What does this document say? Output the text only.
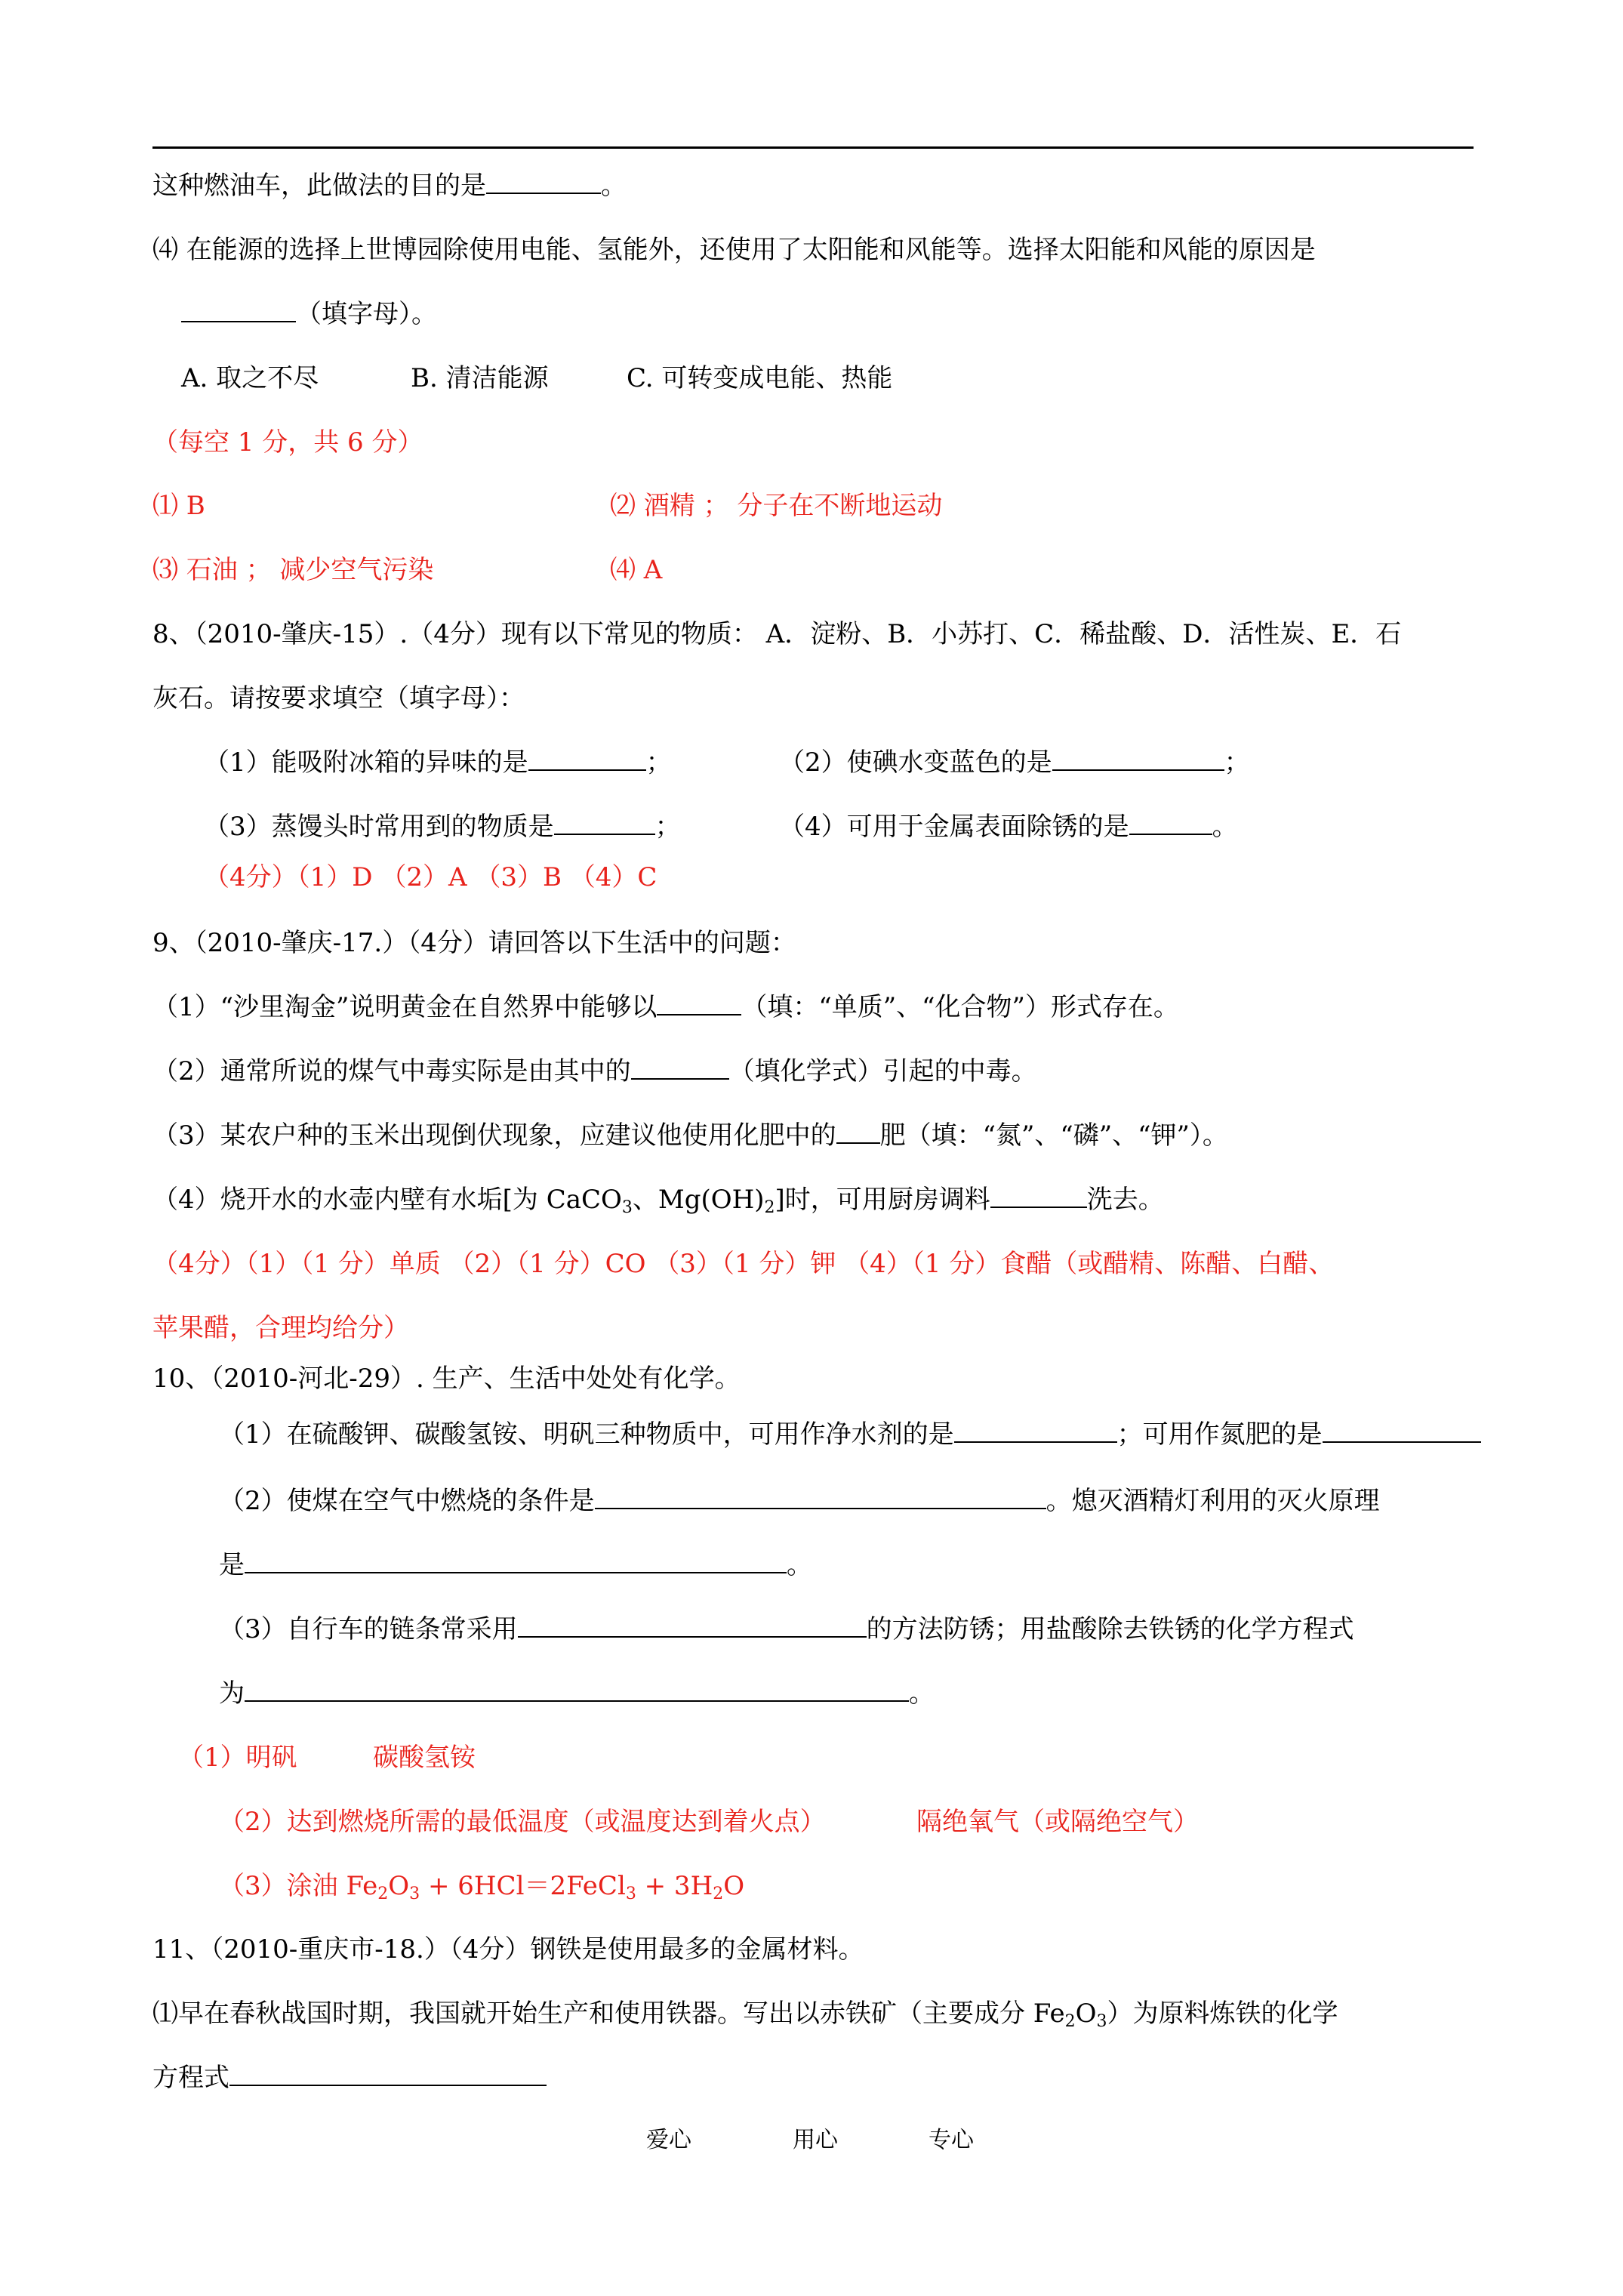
这种燃油车，此做法的目的是	。
⑷ 在能源的选择上世博园除使用电能、氢能外，还使用了太阳能和风能等。选择太阳能和风能的原因是
（填字母）。
A. 取之不尽	B. 清洁能源	C. 可转变成电能、热能
（每空 1 分，共 6 分）
⑴ B	⑵ 酒精 ； 分子在不断地运动
⑶ 石油 ； 减少空气污染	⑷ A
8、（2010-肇庆-15）.（4分）现有以下常见的物质： A．淀粉、B．小苏打、C．稀盐酸、D．活性炭、E．石
灰石。请按要求填空（填字母）：
（1）能吸附冰箱的异味的是	；	（2）使碘水变蓝色的是	；
（3）蒸馒头时常用到的物质是	；	（4）可用于金属表面除锈的是	。
（4分）（1）D （2）A （3）B （4）C
9、（2010-肇庆-17.）（4分）请回答以下生活中的问题：
（1）“沙里淘金”说明黄金在自然界中能够以	（填：“单质”、“化合物”）形式存在。
（2）通常所说的煤气中毒实际是由其中的	（填化学式）引起的中毒。
（3）某农户种的玉米出现倒伏现象，应建议他使用化肥中的 肥（填：“氮”、“磷”、“钾”）。
（4）烧开水的水壶内壁有水垢[为 CaCO$_3$、$Mg(OH)_2$]时，可用厨房调料	洗去。
（4分）（1）（1 分）单质 （2）（1 分）CO （3）（1 分）钾 （4）（1 分）食醋（或醋精、陈醋、白醋、
苹果醋，合理均给分）
10、（2010-河北-29）. 生产、生活中处处有化学。
（1）在硫酸钾、碳酸氢铵、明矾三种物质中，可用作净水剂的是	；可用作氮肥的是
（2）使煤在空气中燃烧的条件是	。熄灭酒精灯利用的灭火原理
是	。
（3）自行车的链条常采用	的方法防锈；用盐酸除去铁锈的化学方程式
为	。
（1）明矾	碳酸氢铵
（2）达到燃烧所需的最低温度（或温度达到着火点）	隔绝氧气（或隔绝空气）
（3）涂油 $Fe_2O_3$ + 6HCl＝2FeCl$_3$ + $3H_2O$
11、（2010-重庆市-18.）（4分）钢铁是使用最多的金属材料。
⑴早在春秋战国时期，我国就开始生产和使用铁器。写出以赤铁矿（主要成分 $Fe_2O_3$）为原料炼铁的化学
方程式
爱心	用心	专心
